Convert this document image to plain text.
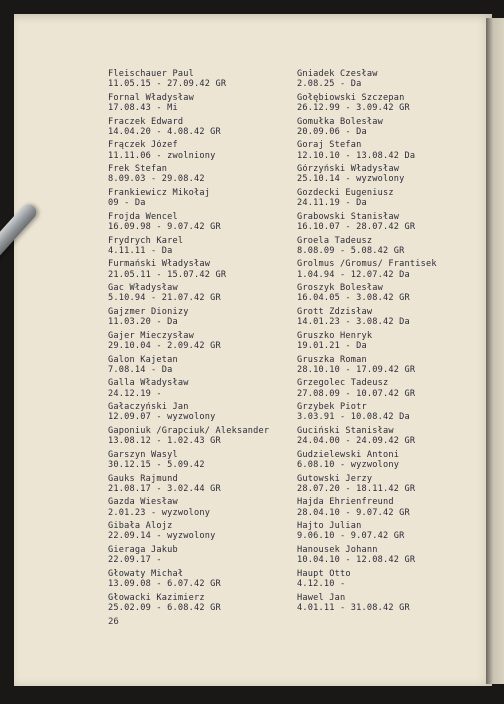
Fleischauer Paul
11.05.15 - 27.09.42 GR
Fornal Władysław
17.08.43 - Mi
Fraczek Edward
14.04.20 - 4.08.42 GR
Frączek Józef
11.11.06 - zwolniony
Frek Stefan
8.09.03 - 29.08.42
Frankiewicz Mikołaj
09 - Da
Frojda Wencel
16.09.98 - 9.07.42 GR
Frydrych Karel
4.11.11 - Da
Furmański Władysław
21.05.11 - 15.07.42 GR
Gac Władysław
5.10.94 - 21.07.42 GR
Gajzmer Dionizy
11.03.20 - Da
Gajer Mieczysław
29.10.04 - 2.09.42 GR
Galon Kajetan
7.08.14 - Da
Galla Władysław
24.12.19 -
Gałaczyński Jan
12.09.07 - wyzwolony
Gaponiuk /Grapciuk/ Aleksander
13.08.12 - 1.02.43 GR
Garszyn Wasyl
30.12.15 - 5.09.42
Gauks Rajmund
21.08.17 - 3.02.44 GR
Gazda Wiesław
2.01.23 - wyzwolony
Gibała Alojz
22.09.14 - wyzwolony
Gieraga Jakub
22.09.17 -
Głowaty Michał
13.09.08 - 6.07.42 GR
Głowacki Kazimierz
25.02.09 - 6.08.42 GR
Gniadek Czesław
2.08.25 - Da
Gołębiowski Szczepan
26.12.99 - 3.09.42 GR
Gomułka Bolesław
20.09.06 - Da
Goraj Stefan
12.10.10 - 13.08.42 Da
Górzyński Władysław
25.10.14 - wyzwolony
Gozdecki Eugeniusz
24.11.19 - Da
Grabowski Stanisław
16.10.07 - 28.07.42 GR
Groela Tadeusz
8.08.09 - 5.08.42 GR
Grolmus /Gromus/ Frantisek
1.04.94 - 12.07.42 Da
Groszyk Bolesław
16.04.05 - 3.08.42 GR
Grott Zdzisław
14.01.23 - 3.08.42 Da
Gruszko Henryk
19.01.21 - Da
Gruszka Roman
28.10.10 - 17.09.42 GR
Grzegolec Tadeusz
27.08.09 - 10.07.42 GR
Grzybek Piotr
3.03.91 - 10.08.42 Da
Guciński Stanisław
24.04.00 - 24.09.42 GR
Gudzielewski Antoni
6.08.10 - wyzwolony
Gutowski Jerzy
28.07.20 - 18.11.42 GR
Hajda Ehrienfreund
28.04.10 - 9.07.42 GR
Hajto Julian
9.06.10 - 9.07.42 GR
Hanousek Johann
10.04.10 - 12.08.42 GR
Haupt Otto
4.12.10 -
Hawel Jan
4.01.11 - 31.08.42 GR
26
